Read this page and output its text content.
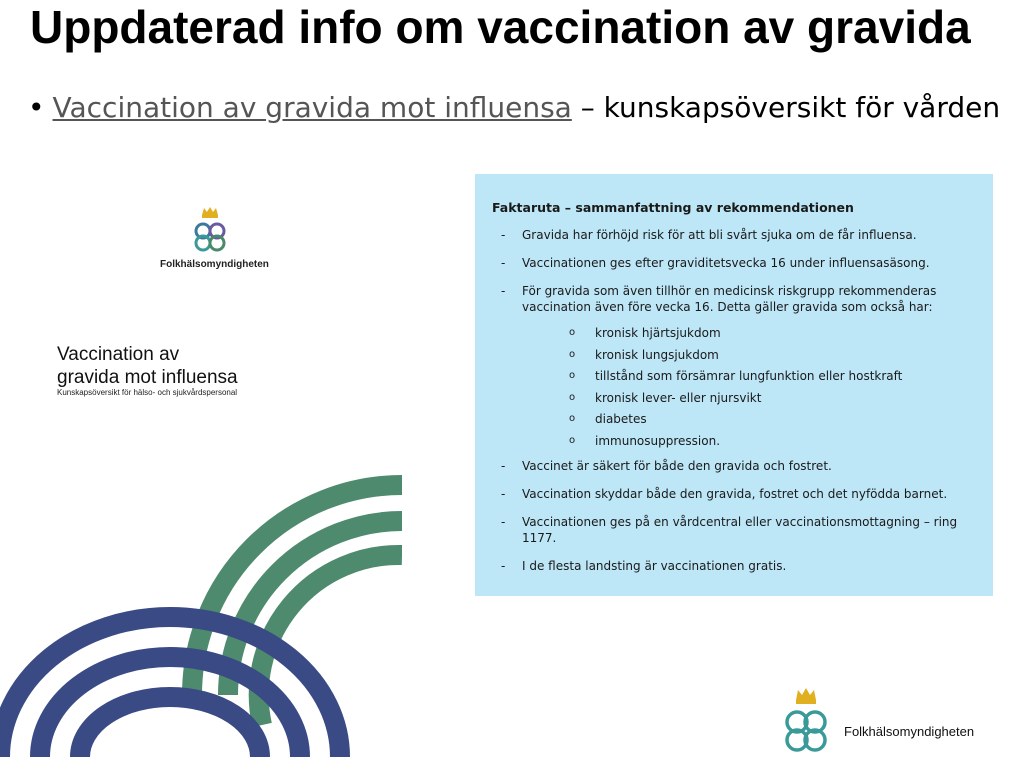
Uppdaterad info om vaccination av gravida
• Vaccination av gravida mot influensa – kunskapsöversikt för vården
Folkhälsomyndigheten
Vaccination av
gravida mot influensa
Kunskapsöversikt för hälso- och sjukvårdspersonal
Faktaruta – sammanfattning av rekommendationen
-	Gravida har förhöjd risk för att bli svårt sjuka om de får influensa.
-	Vaccinationen ges efter graviditetsvecka 16 under influensasäsong.
-	För gravida som även tillhör en medicinsk riskgrupp rekommenderas vaccination även före vecka 16. Detta gäller gravida som också har:
o	kronisk hjärtsjukdom
o	kronisk lungsjukdom
o	tillstånd som försämrar lungfunktion eller hostkraft
o	kronisk lever- eller njursvikt
o	diabetes
o	immunosuppression.
-	Vaccinet är säkert för både den gravida och fostret.
-	Vaccination skyddar både den gravida, fostret och det nyfödda barnet.
-	Vaccinationen ges på en vårdcentral eller vaccinationsmottagning – ring 1177.
-	I de flesta landsting är vaccinationen gratis.
Folkhälsomyndigheten
